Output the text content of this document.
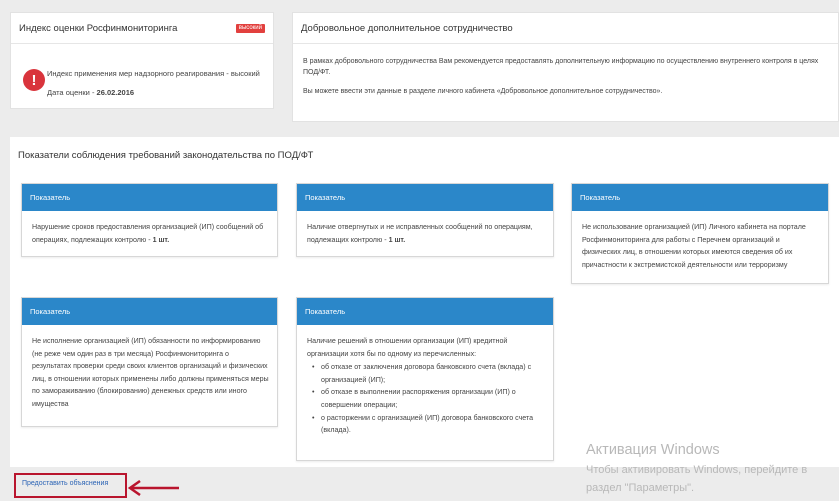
Индекс оценки Росфинмониторинга	высокий
!	Индекс применения мер надзорного реагирования - высокий
Дата оценки - 26.02.2016
Добровольное дополнительное сотрудничество

В рамках добровольного сотрудничества Вам рекомендуется предоставлять дополнительную информацию по осуществлению внутреннего контроля в целях ПОД/ФТ.

Вы можете ввести эти данные в разделе личного кабинета «Добровольное дополнительное сотрудничество».

Показатели соблюдения требований законодательства по ПОД/ФТ
Показатель
Нарушение сроков предоставления организацией (ИП) сообщений об операциях, подлежащих контролю - 1 шт.
Показатель
Наличие отвергнутых и не исправленных сообщений по операциям, подлежащих контролю - 1 шт.
Показатель
Не использование организацией (ИП) Личного кабинета на портале Росфинмониторинга для работы с Перечнем организаций и физических лиц, в отношении которых имеются сведения об их причастности к экстремистской деятельности или терроризму
Показатель
Не исполнение организацией (ИП) обязанности по информированию (не реже чем один раз в три месяца) Росфинмониторинга о результатах проверки среди своих клиентов организаций и физических лиц, в отношении которых применены либо должны применяться меры по замораживанию (блокированию) денежных средств или иного имущества
Показатель
Наличие решений в отношении организации (ИП) кредитной организации хотя бы по одному из перечисленных:
• об отказе от заключения договора банковского счета (вклада) с организацией (ИП);
• об отказе в выполнении распоряжения организации (ИП) о совершении операции;
• о расторжении с организацией (ИП) договора банковского счета (вклада).
Предоставить объяснения
Активация Windows
Чтобы активировать Windows, перейдите в
раздел "Параметры".
